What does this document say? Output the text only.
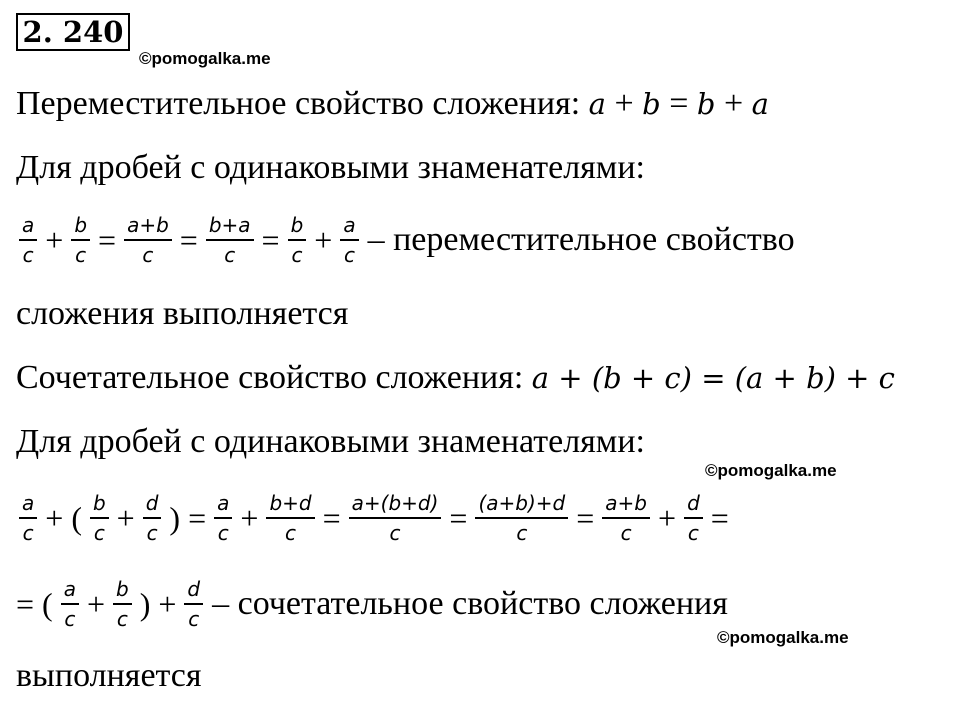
2. 240
©pomogalka.me
Переместительное свойство сложения: a + b = b + a
Для дробей с одинаковыми знаменателями:
$\frac{a}{c} + \frac{b}{c} = \frac{a+b}{c} = \frac{b+a}{c} = \frac{b}{c} + \frac{a}{c}$ – переместительное свойство
сложения выполняется
Сочетательное свойство сложения: a + (b + c) = (a + b) + c
Для дробей с одинаковыми знаменателями:
©pomogalka.me
$\frac{a}{c}$ + ( $\frac{b}{c} + \frac{d}{c}$ ) = $\frac{a}{c} + \frac{b+d}{c} = \frac{a+(b+d)}{c} = \frac{(a+b)+d}{c} = \frac{a+b}{c} + \frac{d}{c}$ =
= ( $\frac{a}{c} + \frac{b}{c}$ ) + $\frac{d}{c}$ – сочетательное свойство сложения
©pomogalka.me
выполняется
